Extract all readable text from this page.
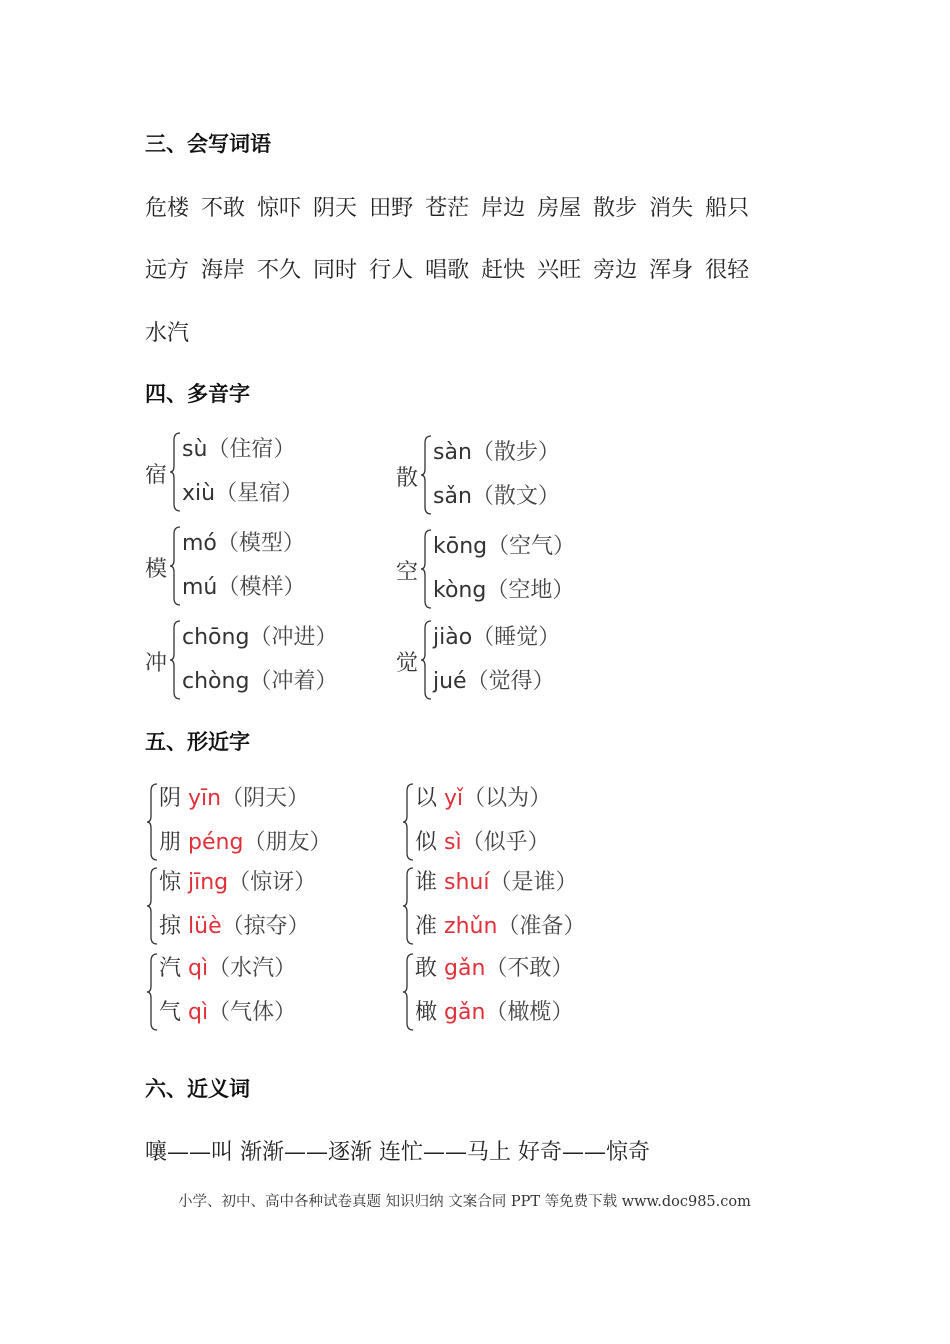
三、会写词语
危楼 不敢 惊吓 阴天 田野 苍茫 岸边 房屋 散步 消失 船只
远方 海岸 不久 同时 行人 唱歌 赶快 兴旺 旁边 浑身 很轻
水汽
四、多音字
宿
sù（住宿）
xiù（星宿）
散
sàn（散步）
sǎn（散文）
模
mó（模型）
mú（模样）
空
kōng（空气）
kòng（空地）
冲
chōng（冲进）
chòng（冲着）
觉
jiào（睡觉）
jué（觉得）
五、形近字
阴 yīn（阴天）
朋 péng（朋友）
以 yǐ（以为）
似 sì（似乎）
惊 jīng（惊讶）
掠 lüè（掠夺）
谁 shuí（是谁）
准 zhǔn（准备）
汽 qì（水汽）
气 qì（气体）
敢 gǎn（不敢）
橄 gǎn（橄榄）
六、近义词
嚷——叫 渐渐——逐渐 连忙——马上 好奇——惊奇
小学、初中、高中各种试卷真题 知识归纳 文案合同 PPT 等免费下载 www.doc985.com
